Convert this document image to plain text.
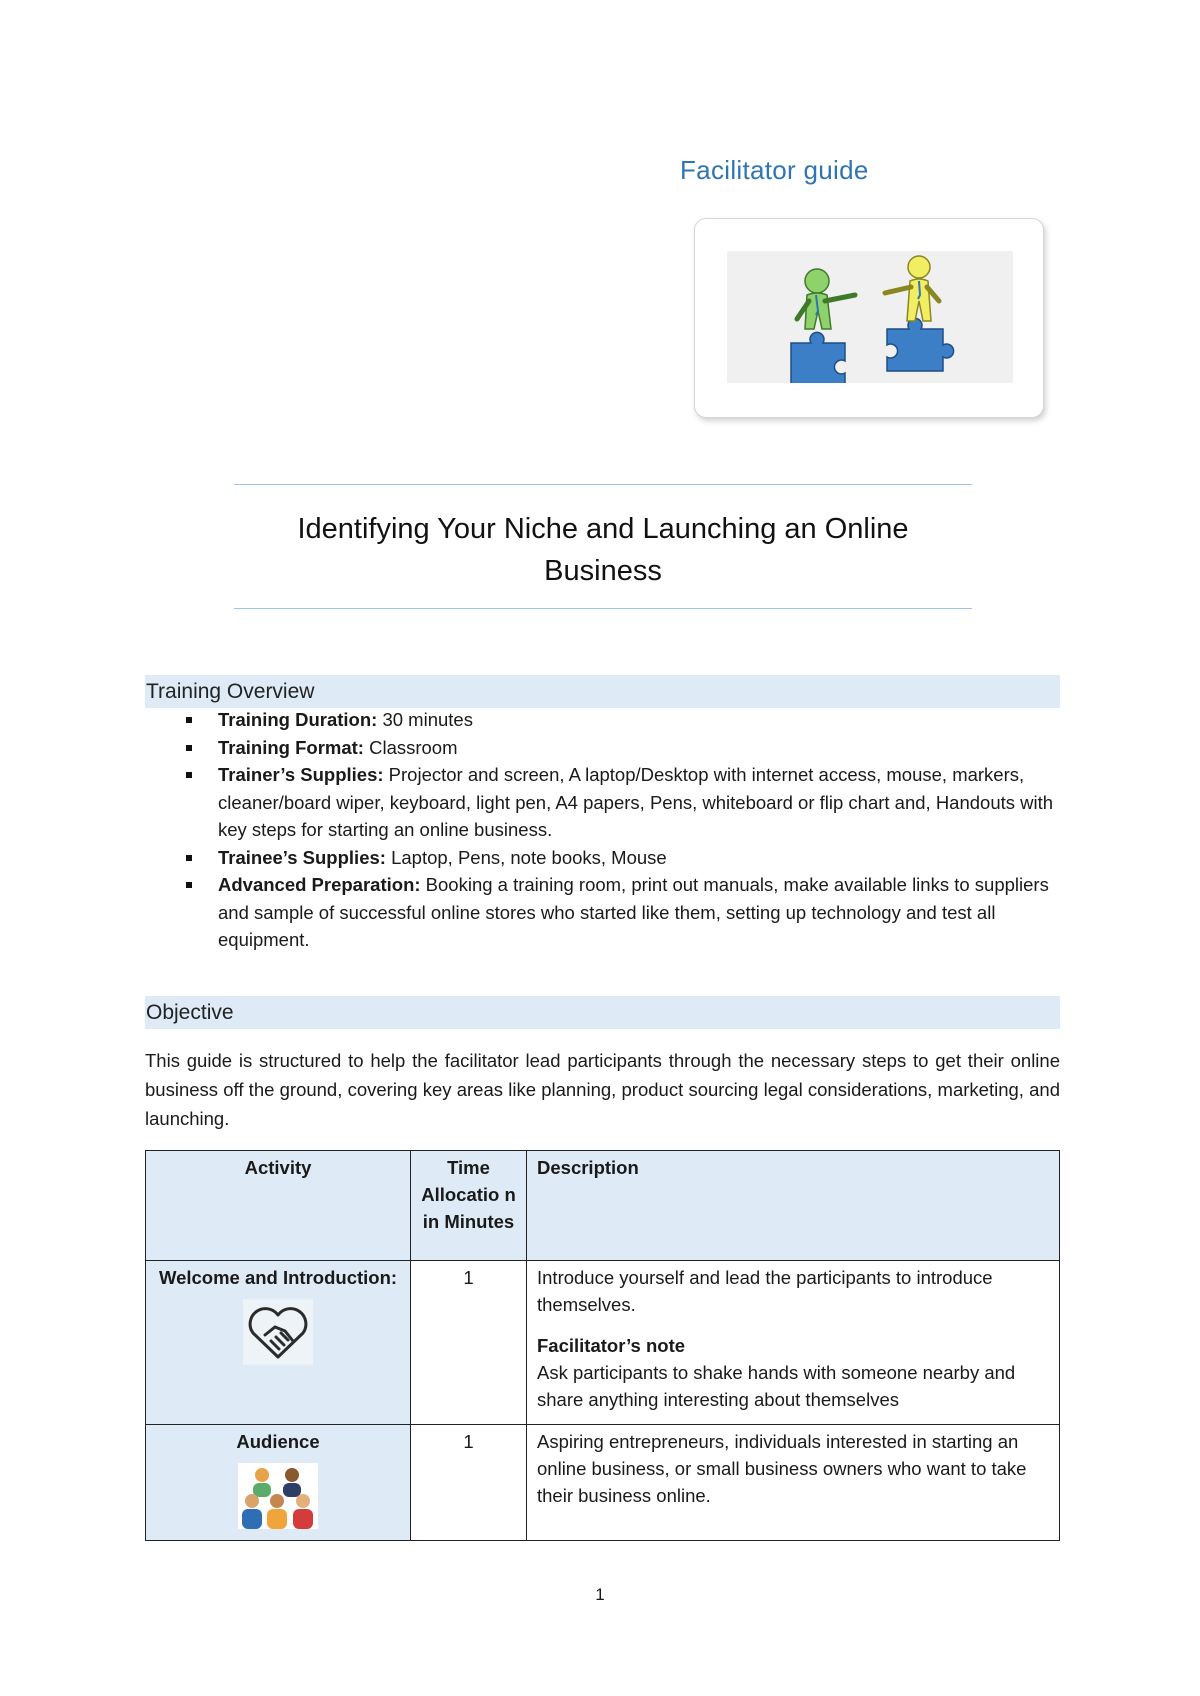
Facilitator guide
Identifying Your Niche and Launching an Online
Business
Training Overview
Training Duration: 30 minutes
Training Format: Classroom
Trainer’s Supplies: Projector and screen, A laptop/Desktop with internet access, mouse, markers, cleaner/board wiper, keyboard, light pen, A4 papers, Pens, whiteboard or flip chart and, Handouts with key steps for starting an online business.
Trainee’s Supplies: Laptop, Pens, note books, Mouse
Advanced Preparation: Booking a training room, print out manuals, make available links to suppliers and sample of successful online stores who started like them, setting up technology and test all equipment.
Objective

This guide is structured to help the facilitator lead participants through the necessary steps to get their online business off the ground, covering key areas like planning, product sourcing legal considerations, marketing, and launching.

Activity	Time Allocatio n in Minutes	Description
Welcome and Introduction:	1	Introduce yourself and lead the participants to introduce themselves.
Facilitator’s note
Ask participants to shake hands with someone nearby and share anything interesting about themselves
Audience	1	Aspiring entrepreneurs, individuals interested in starting an online business, or small business owners who want to take their business online.
1
